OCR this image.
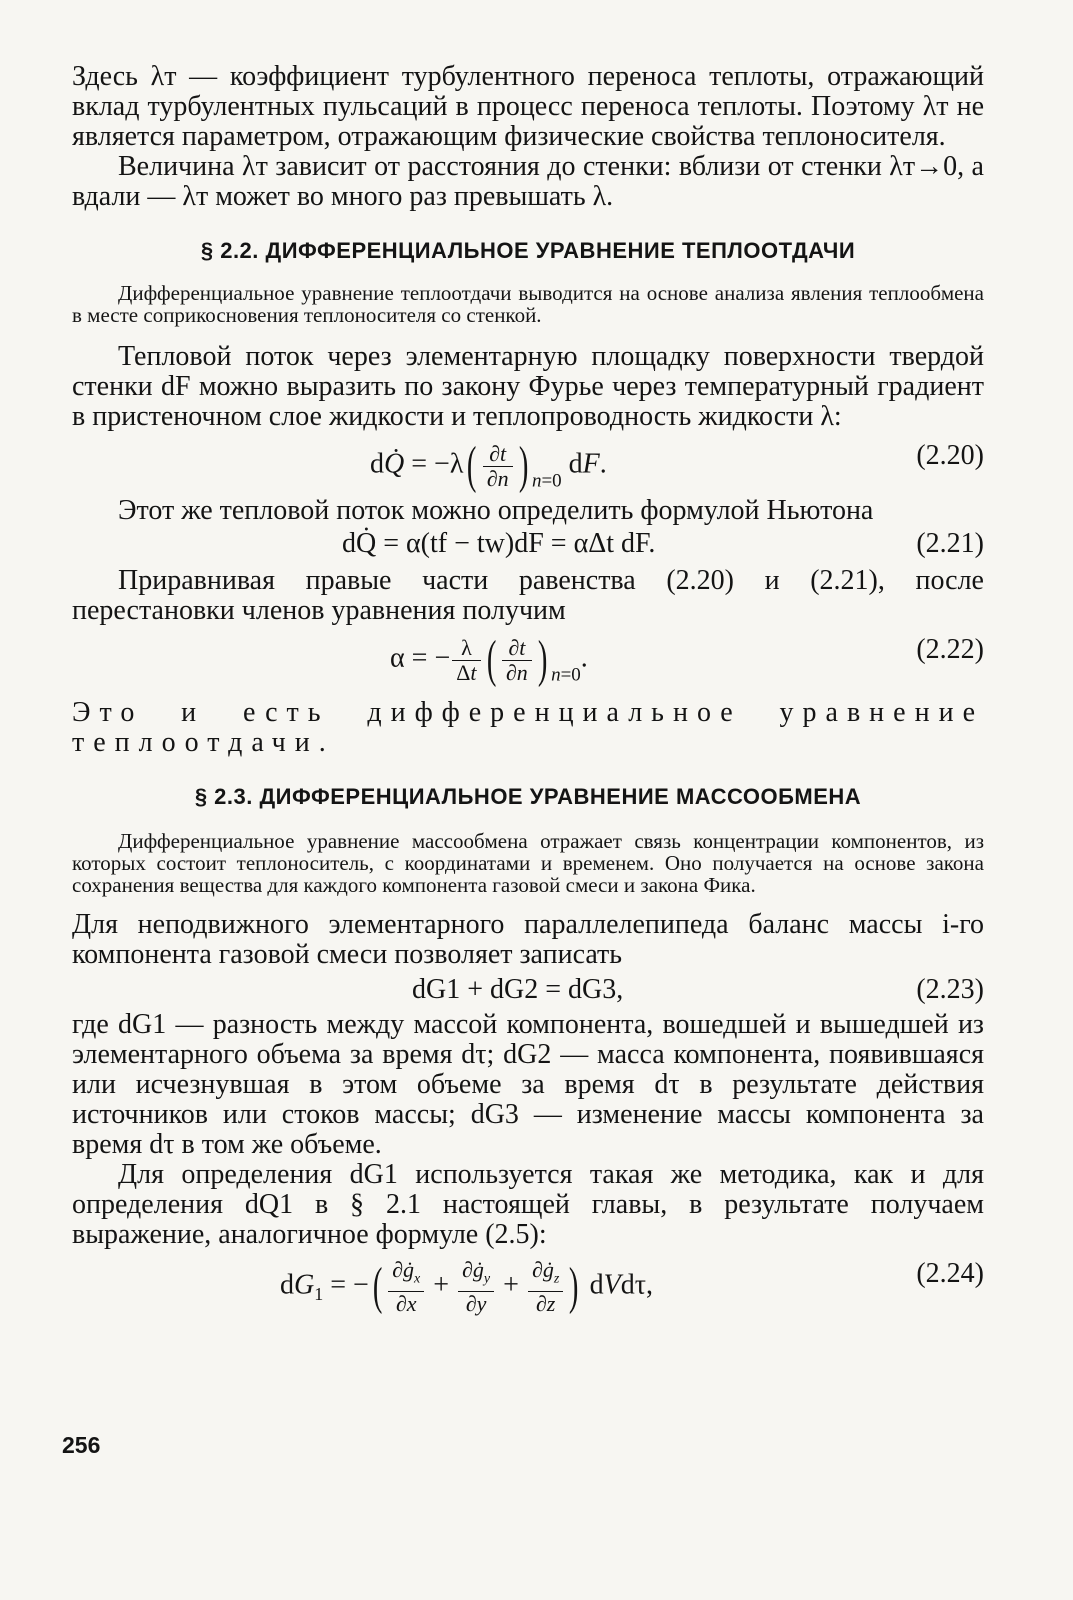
Здесь λт — коэффициент турбулентного переноса теплоты, отражающий вклад турбулентных пульсаций в процесс переноса теплоты. Поэтому λт не является параметром, отражающим физические свойства теплоносителя.

Величина λт зависит от расстояния до стенки: вблизи от стенки λт→0, а вдали — λт может во много раз превышать λ.

§ 2.2. ДИФФЕРЕНЦИАЛЬНОЕ УРАВНЕНИЕ ТЕПЛООТДАЧИ

Дифференциальное уравнение теплоотдачи выводится на основе анализа явления теплообмена в месте соприкосновения теплоносителя со стенкой.

Тепловой поток через элементарную площадку поверхности твердой стенки dF можно выразить по закону Фурье через температурный градиент в пристеночном слое жидкости и теплопроводность жидкости λ:

dQ̇ = $-\lambda( \frac{\partial t}{\partial n}$ ) $_{n=0}$ dF.	(2.20)

Этот же тепловой поток можно определить формулой Ньютона

dQ̇ = α(tf − tw)dF = αΔt dF.	(2.21)

Приравнивая правые части равенства (2.20) и (2.21), после перестановки членов уравнения получим

α = − $\frac{\lambda}{\Delta t}$ ( $\frac{\partial t}{\partial n}$ ) $_{n=0}$.	(2.22)

Это и есть дифференциальное уравнение теплоотдачи.

§ 2.3. ДИФФЕРЕНЦИАЛЬНОЕ УРАВНЕНИЕ МАССООБМЕНА

Дифференциальное уравнение массообмена отражает связь концентрации компонентов, из которых состоит теплоноситель, с координатами и временем. Оно получается на основе закона сохранения вещества для каждого компонента газовой смеси и закона Фика.

Для неподвижного элементарного параллелепипеда баланс массы i-го компонента газовой смеси позволяет записать

dG1 + dG2 = dG3,	(2.23)

где dG1 — разность между массой компонента, вошедшей и вышедшей из элементарного объема за время dτ; dG2 — масса компонента, появившаяся или исчезнувшая в этом объеме за время dτ в результате действия источников или стоков массы; dG3 — изменение массы компонента за время dτ в том же объеме.

Для определения dG1 используется такая же методика, как и для определения dQ1 в § 2.1 настоящей главы, в результате получаем выражение, аналогичное формуле (2.5):

$dG_1$ = −( $\frac{\partial ġ_x}{\partial x} + \frac{\partial ġ_y}{\partial y} + \frac{\partial ġ_z}{\partial z}$ ) dVdτ,	(2.24)
256
